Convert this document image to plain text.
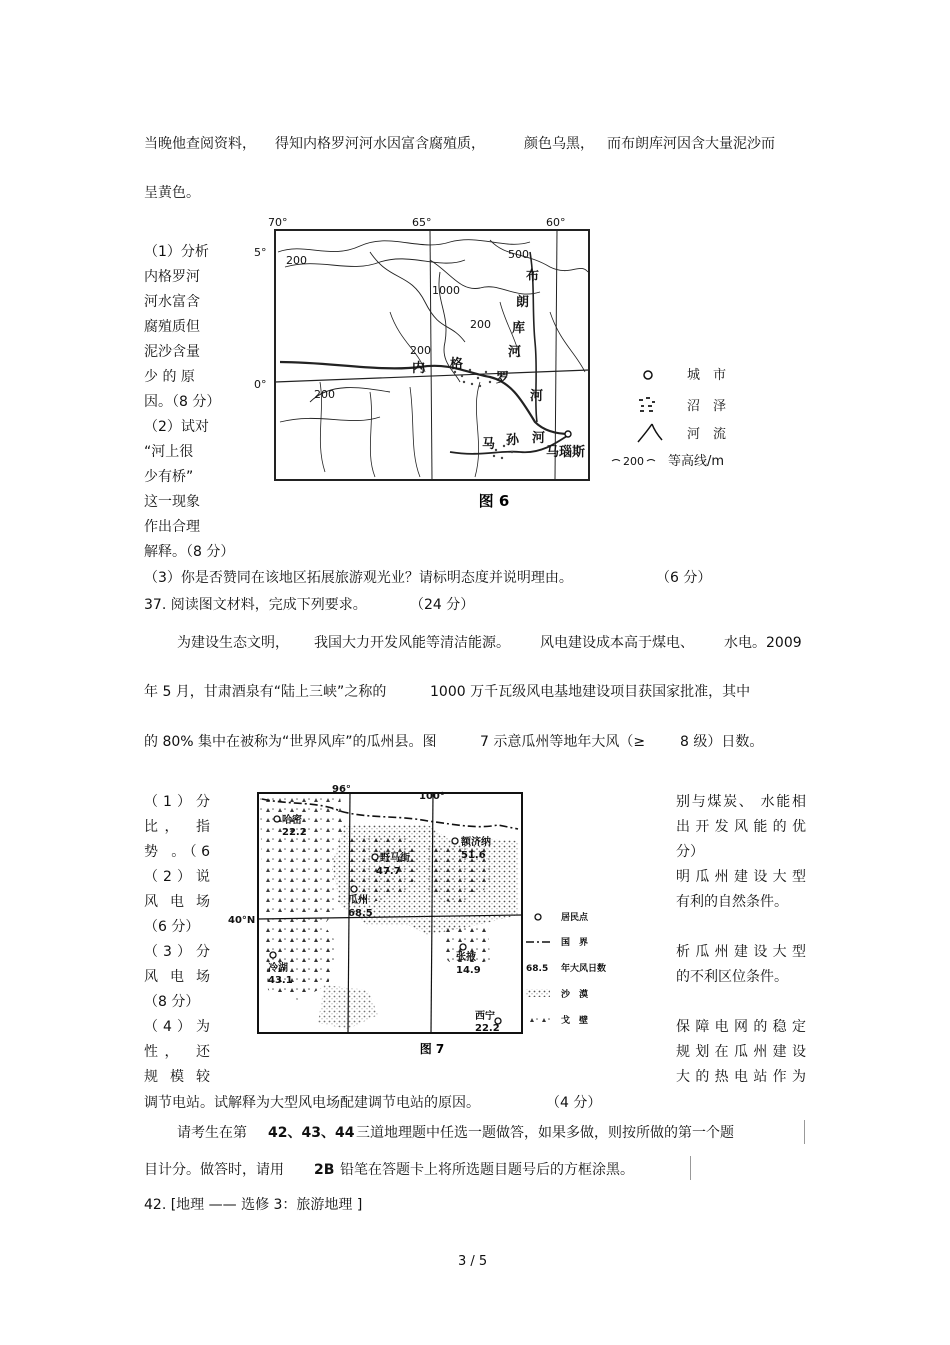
当晚他查阅资料， 得知内格罗河河水因富含腐殖质，	颜色乌黑， 而布朗库河因含大量泥沙而
呈黄色。
（1）分析
内格罗河
河水富含
腐殖质但
泥沙含量
少 的 原
因。（8 分）
（2）试对
“河上很
少有桥”
这一现象
作出合理
解释。（8 分）
70°	65°	60°
5°
0°
200	500
1000
200
200
200
内 格
罗
河
布
朗
库
河
马 孙 河
马瑙斯
图 6
城　市
沼　泽
河　流
200 等高线/m
（3）你是否赞同在该地区拓展旅游观光业？请标明态度并说明理由。	（6 分）
37. 阅读图文材料，完成下列要求。	（24 分）
为建设生态文明， 我国大力开发风能等清洁能源。 风电建设成本高于煤电、 水电。2009
年 5 月，甘肃酒泉有“陆上三峡”之称的	1000 万千瓦级风电基地建设项目获国家批准，其中
的 80% 集中在被称为“世界风库”的瓜州县。图	7 示意瓜州等地年大风（≥ 8 级）日数。
（1）分
比， 指
势 。（6
（2）说
风 电 场
（6 分）
（3）分
风 电 场
（8 分）
（4）为
性， 还
规 模 较
别与煤炭、 水能相
出 开 发 风 能 的 优
分）
明 瓜 州 建 设 大 型
有利的自然条件。
析 瓜 州 建 设 大 型
的不利区位条件。
保 障 电 网 的 稳 定
规 划 在 瓜 州 建 设
大 的 热 电 站 作 为
96°
100°
40°N
哈密
22.2
野马街
47.7
额济纳
51.6
瓜州
68.5
张掖
14.9
冷湖
43.1
西宁
22.2
图 7
居民点
国　界
68.5 年大风日数
沙　漠
戈　壁
调节电站。试解释为大型风电场配建调节电站的原因。	（4 分）
请考生在第 42、43、44 三道地理题中任选一题做答，如果多做，则按所做的第一个题
目计分。做答时，请用 2B 铅笔在答题卡上将所选题目题号后的方框涂黑。
42. [地理 —— 选修 3：旅游地理 ]
3 / 5
